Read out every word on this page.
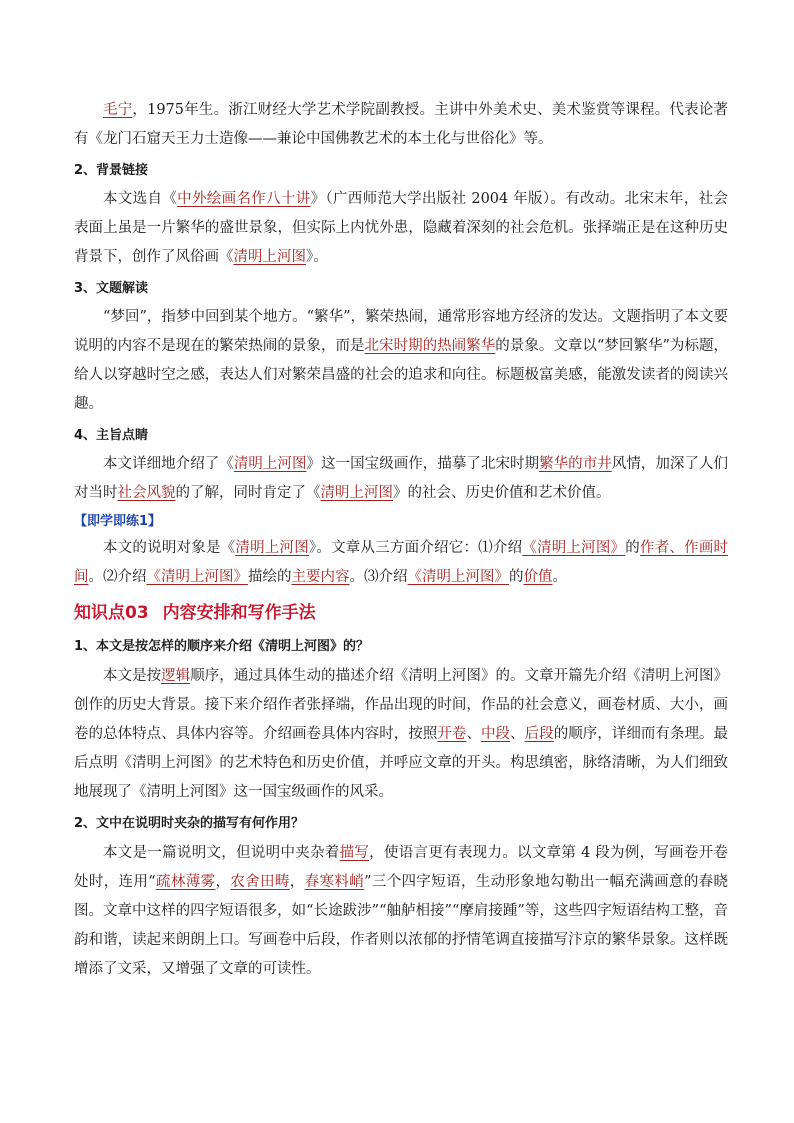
毛宁，1975年生。浙江财经大学艺术学院副教授。主讲中外美术史、美术鉴赏等课程。代表论著有《龙门石窟天王力士造像——兼论中国佛教艺术的本土化与世俗化》等。

2、背景链接

本文选自《中外绘画名作八十讲》（广西师范大学出版社 2004 年版）。有改动。北宋末年，社会表面上虽是一片繁华的盛世景象，但实际上内忧外患，隐藏着深刻的社会危机。张择端正是在这种历史背景下，创作了风俗画《清明上河图》。

3、文题解读

“梦回”，指梦中回到某个地方。“繁华”，繁荣热闹，通常形容地方经济的发达。文题指明了本文要说明的内容不是现在的繁荣热闹的景象，而是北宋时期的热闹繁华的景象。文章以“梦回繁华”为标题，给人以穿越时空之感，表达人们对繁荣昌盛的社会的追求和向往。标题极富美感，能激发读者的阅读兴趣。

4、主旨点睛

本文详细地介绍了《清明上河图》这一国宝级画作，描摹了北宋时期繁华的市井风情，加深了人们对当时社会风貌的了解，同时肯定了《清明上河图》的社会、历史价值和艺术价值。

【即学即练1】

本文的说明对象是《清明上河图》。文章从三方面介绍它：⑴介绍《清明上河图》的作者、作画时间。⑵介绍《清明上河图》描绘的主要内容。⑶介绍《清明上河图》的价值。

知识点03 内容安排和写作手法

1、本文是按怎样的顺序来介绍《清明上河图》的？

本文是按逻辑顺序，通过具体生动的描述介绍《清明上河图》的。文章开篇先介绍《清明上河图》创作的历史大背景。接下来介绍作者张择端，作品出现的时间，作品的社会意义，画卷材质、大小，画卷的总体特点、具体内容等。介绍画卷具体内容时，按照开卷、中段、后段的顺序，详细而有条理。最后点明《清明上河图》的艺术特色和历史价值，并呼应文章的开头。构思缜密，脉络清晰，为人们细致地展现了《清明上河图》这一国宝级画作的风采。

2、文中在说明时夹杂的描写有何作用？

本文是一篇说明文，但说明中夹杂着描写，使语言更有表现力。以文章第 4 段为例，写画卷开卷处时，连用“疏林薄雾，农舍田畴，春寒料峭”三个四字短语，生动形象地勾勒出一幅充满画意的春晓图。文章中这样的四字短语很多，如“长途跋涉”“舳舻相接”“摩肩接踵”等，这些四字短语结构工整，音韵和谐，读起来朗朗上口。写画卷中后段，作者则以浓郁的抒情笔调直接描写汴京的繁华景象。这样既增添了文采，又增强了文章的可读性。
